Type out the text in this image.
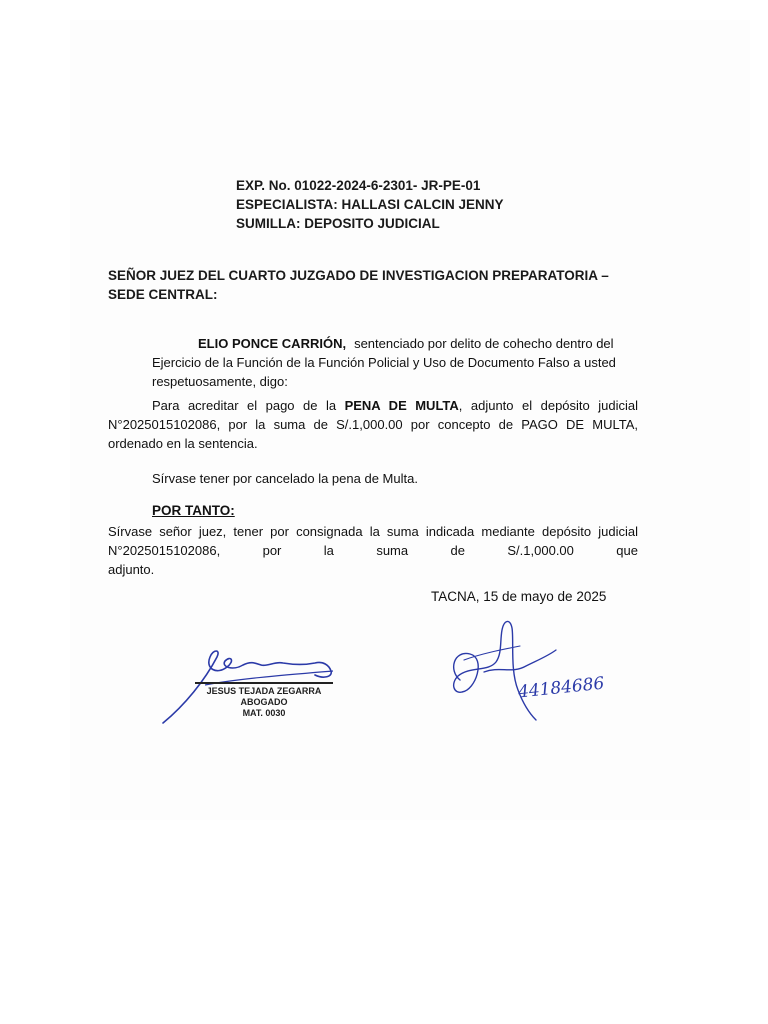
EXP. No. 01022-2024-6-2301- JR-PE-01
ESPECIALISTA: HALLASI CALCIN JENNY
SUMILLA: DEPOSITO JUDICIAL
SEÑOR JUEZ DEL CUARTO JUZGADO DE INVESTIGACION PREPARATORIA – SEDE CENTRAL:
ELIO PONCE CARRIÓN, sentenciado por delito de cohecho dentro del Ejercicio de la Función de la Función Policial y Uso de Documento Falso a usted respetuosamente, digo:
Para acreditar el pago de la PENA DE MULTA, adjunto el depósito judicial N°2025015102086, por la suma de S/.1,000.00 por concepto de PAGO DE MULTA, ordenado en la sentencia.
Sírvase tener por cancelado la pena de Multa.
POR TANTO:
Sírvase señor juez, tener por consignada la suma indicada mediante depósito judicial N°2025015102086, por la suma de S/.1,000.00 que
adjunto.
TACNA, 15 de mayo de 2025
JESUS TEJADA ZEGARRA
ABOGADO
MAT. 0030
44184686
